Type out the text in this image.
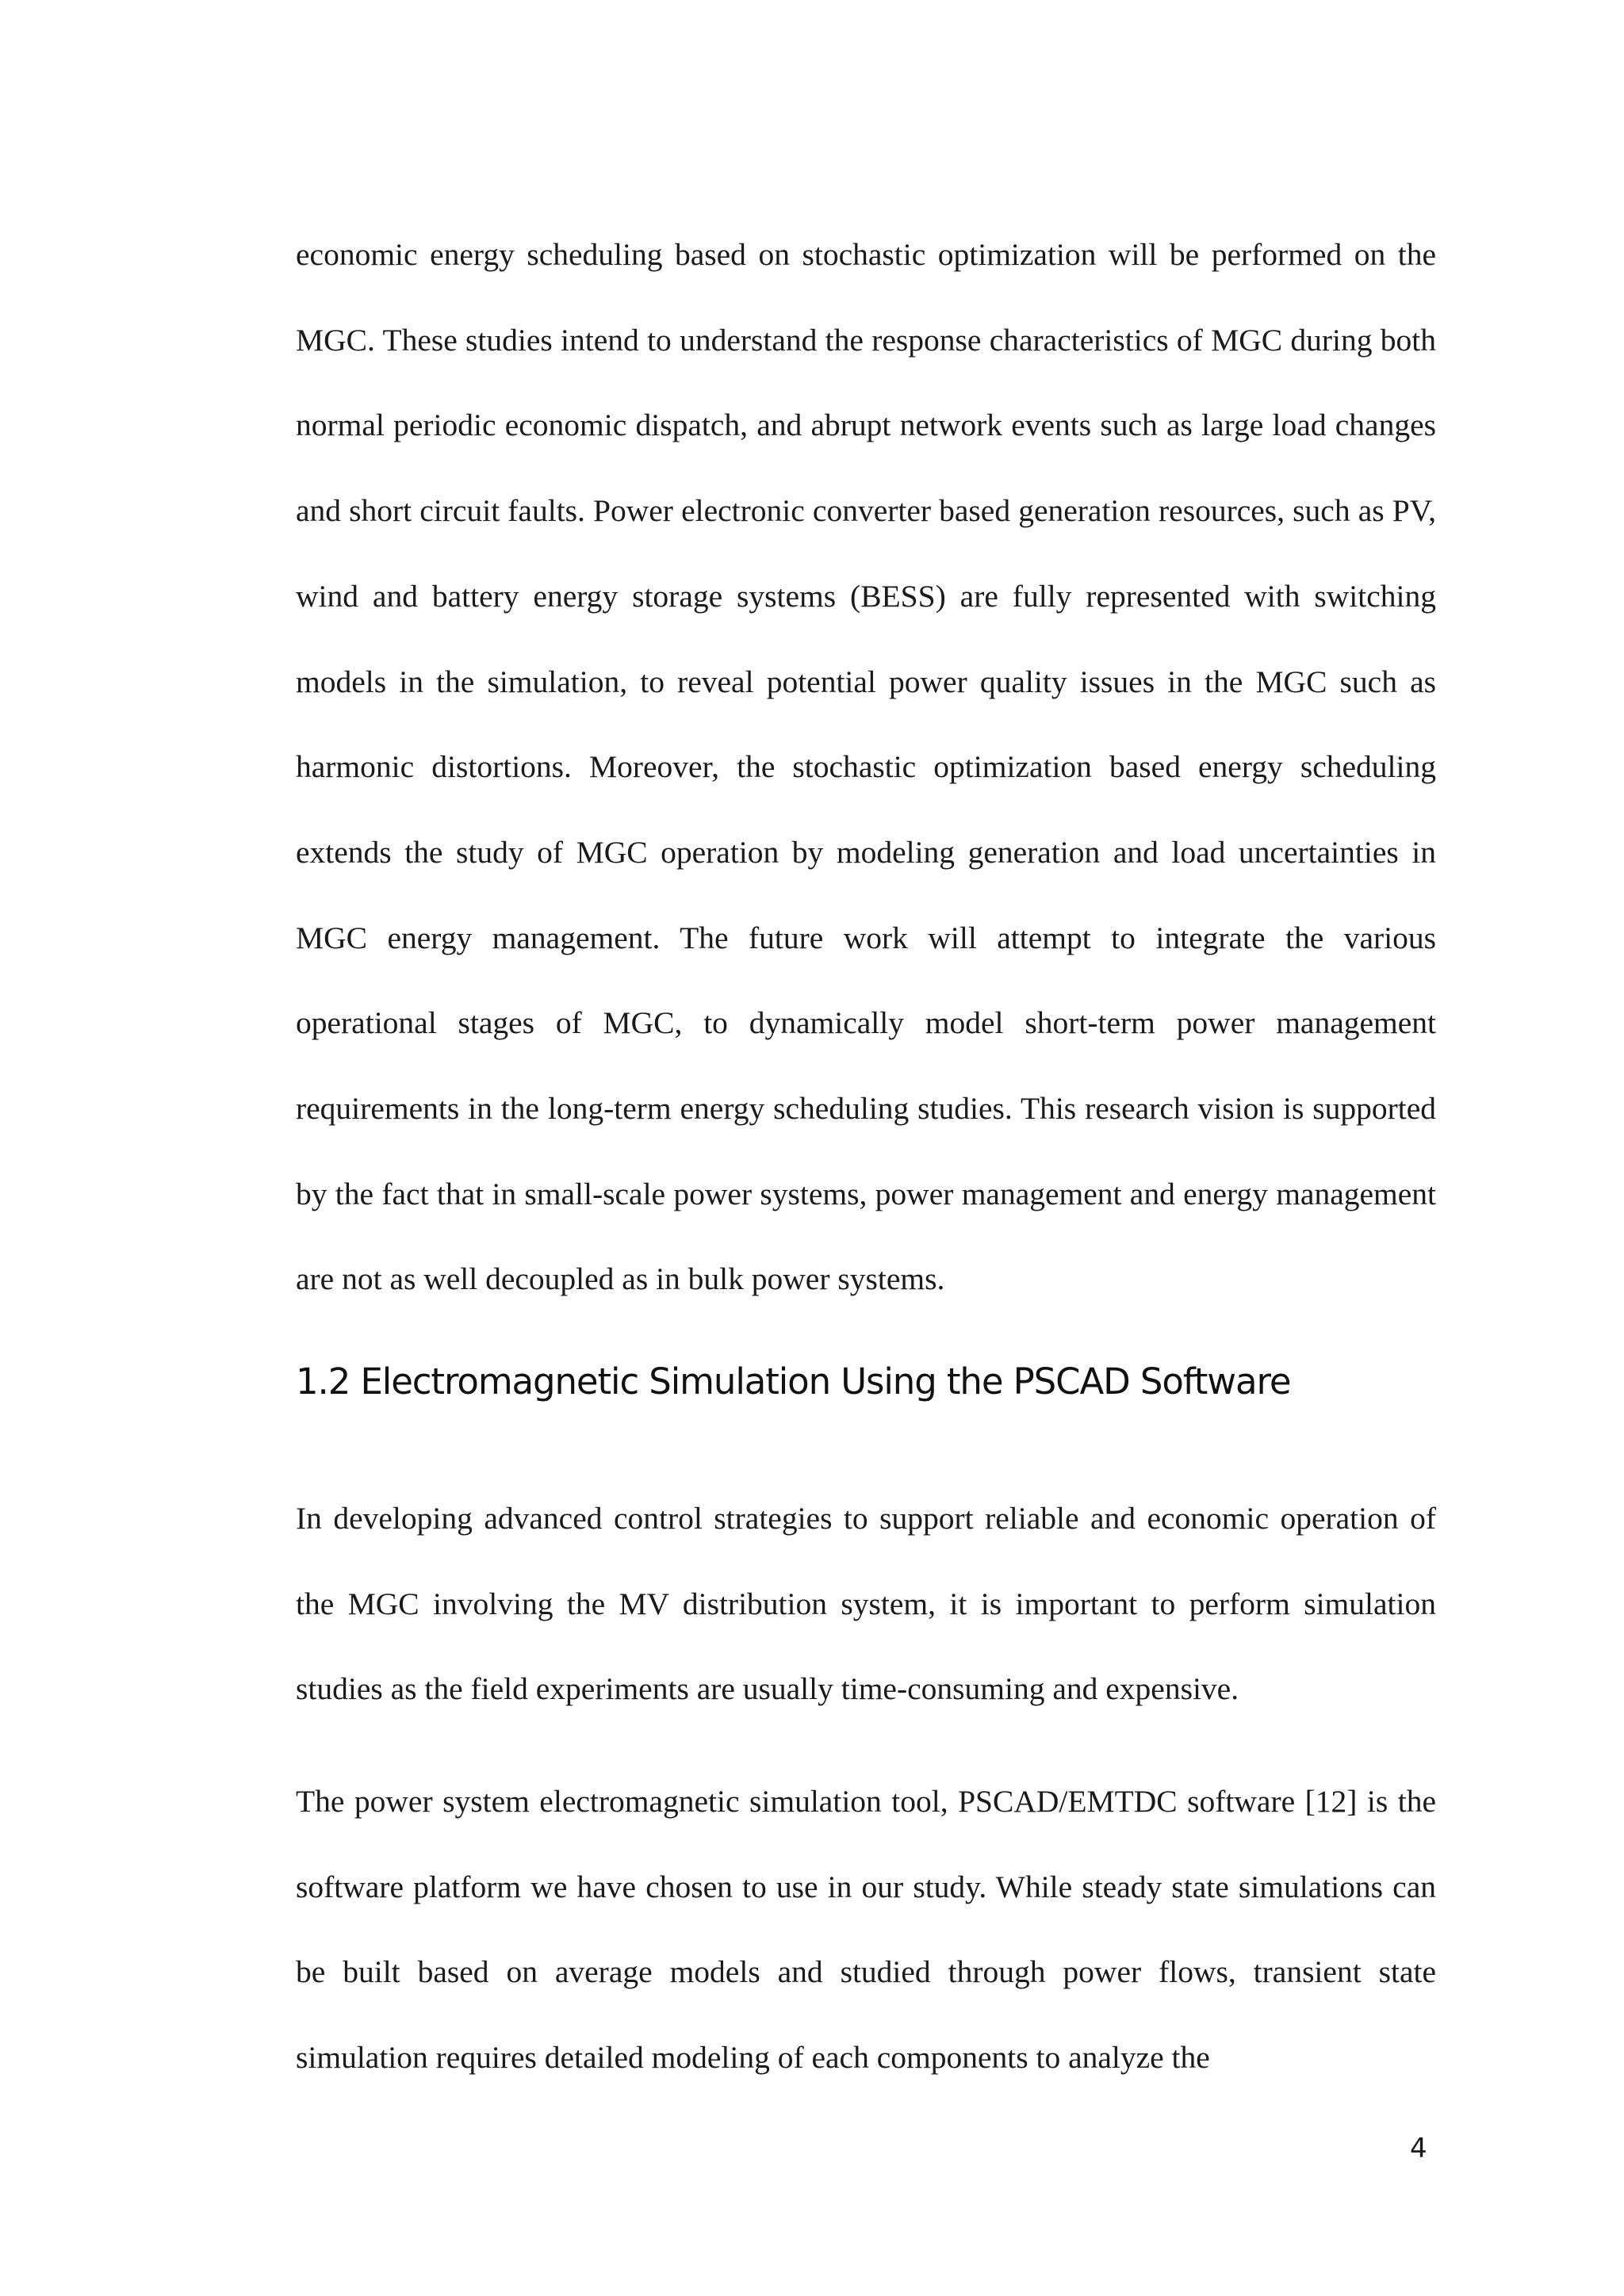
economic energy scheduling based on stochastic optimization will be performed on the MGC. These studies intend to understand the response characteristics of MGC during both normal periodic economic dispatch, and abrupt network events such as large load changes and short circuit faults. Power electronic converter based generation resources, such as PV, wind and battery energy storage systems (BESS) are fully represented with switching models in the simulation, to reveal potential power quality issues in the MGC such as harmonic distortions. Moreover, the stochastic optimization based energy scheduling extends the study of MGC operation by modeling generation and load uncertainties in MGC energy management. The future work will attempt to integrate the various operational stages of MGC, to dynamically model short-term power management requirements in the long-term energy scheduling studies. This research vision is supported by the fact that in small-scale power systems, power management and energy management are not as well decoupled as in bulk power systems.

1.2 Electromagnetic Simulation Using the PSCAD Software

In developing advanced control strategies to support reliable and economic operation of the MGC involving the MV distribution system, it is important to perform simulation studies as the field experiments are usually time-consuming and expensive.

The power system electromagnetic simulation tool, PSCAD/EMTDC software [12] is the software platform we have chosen to use in our study. While steady state simulations can be built based on average models and studied through power flows, transient state simulation requires detailed modeling of each components to analyze the

4
